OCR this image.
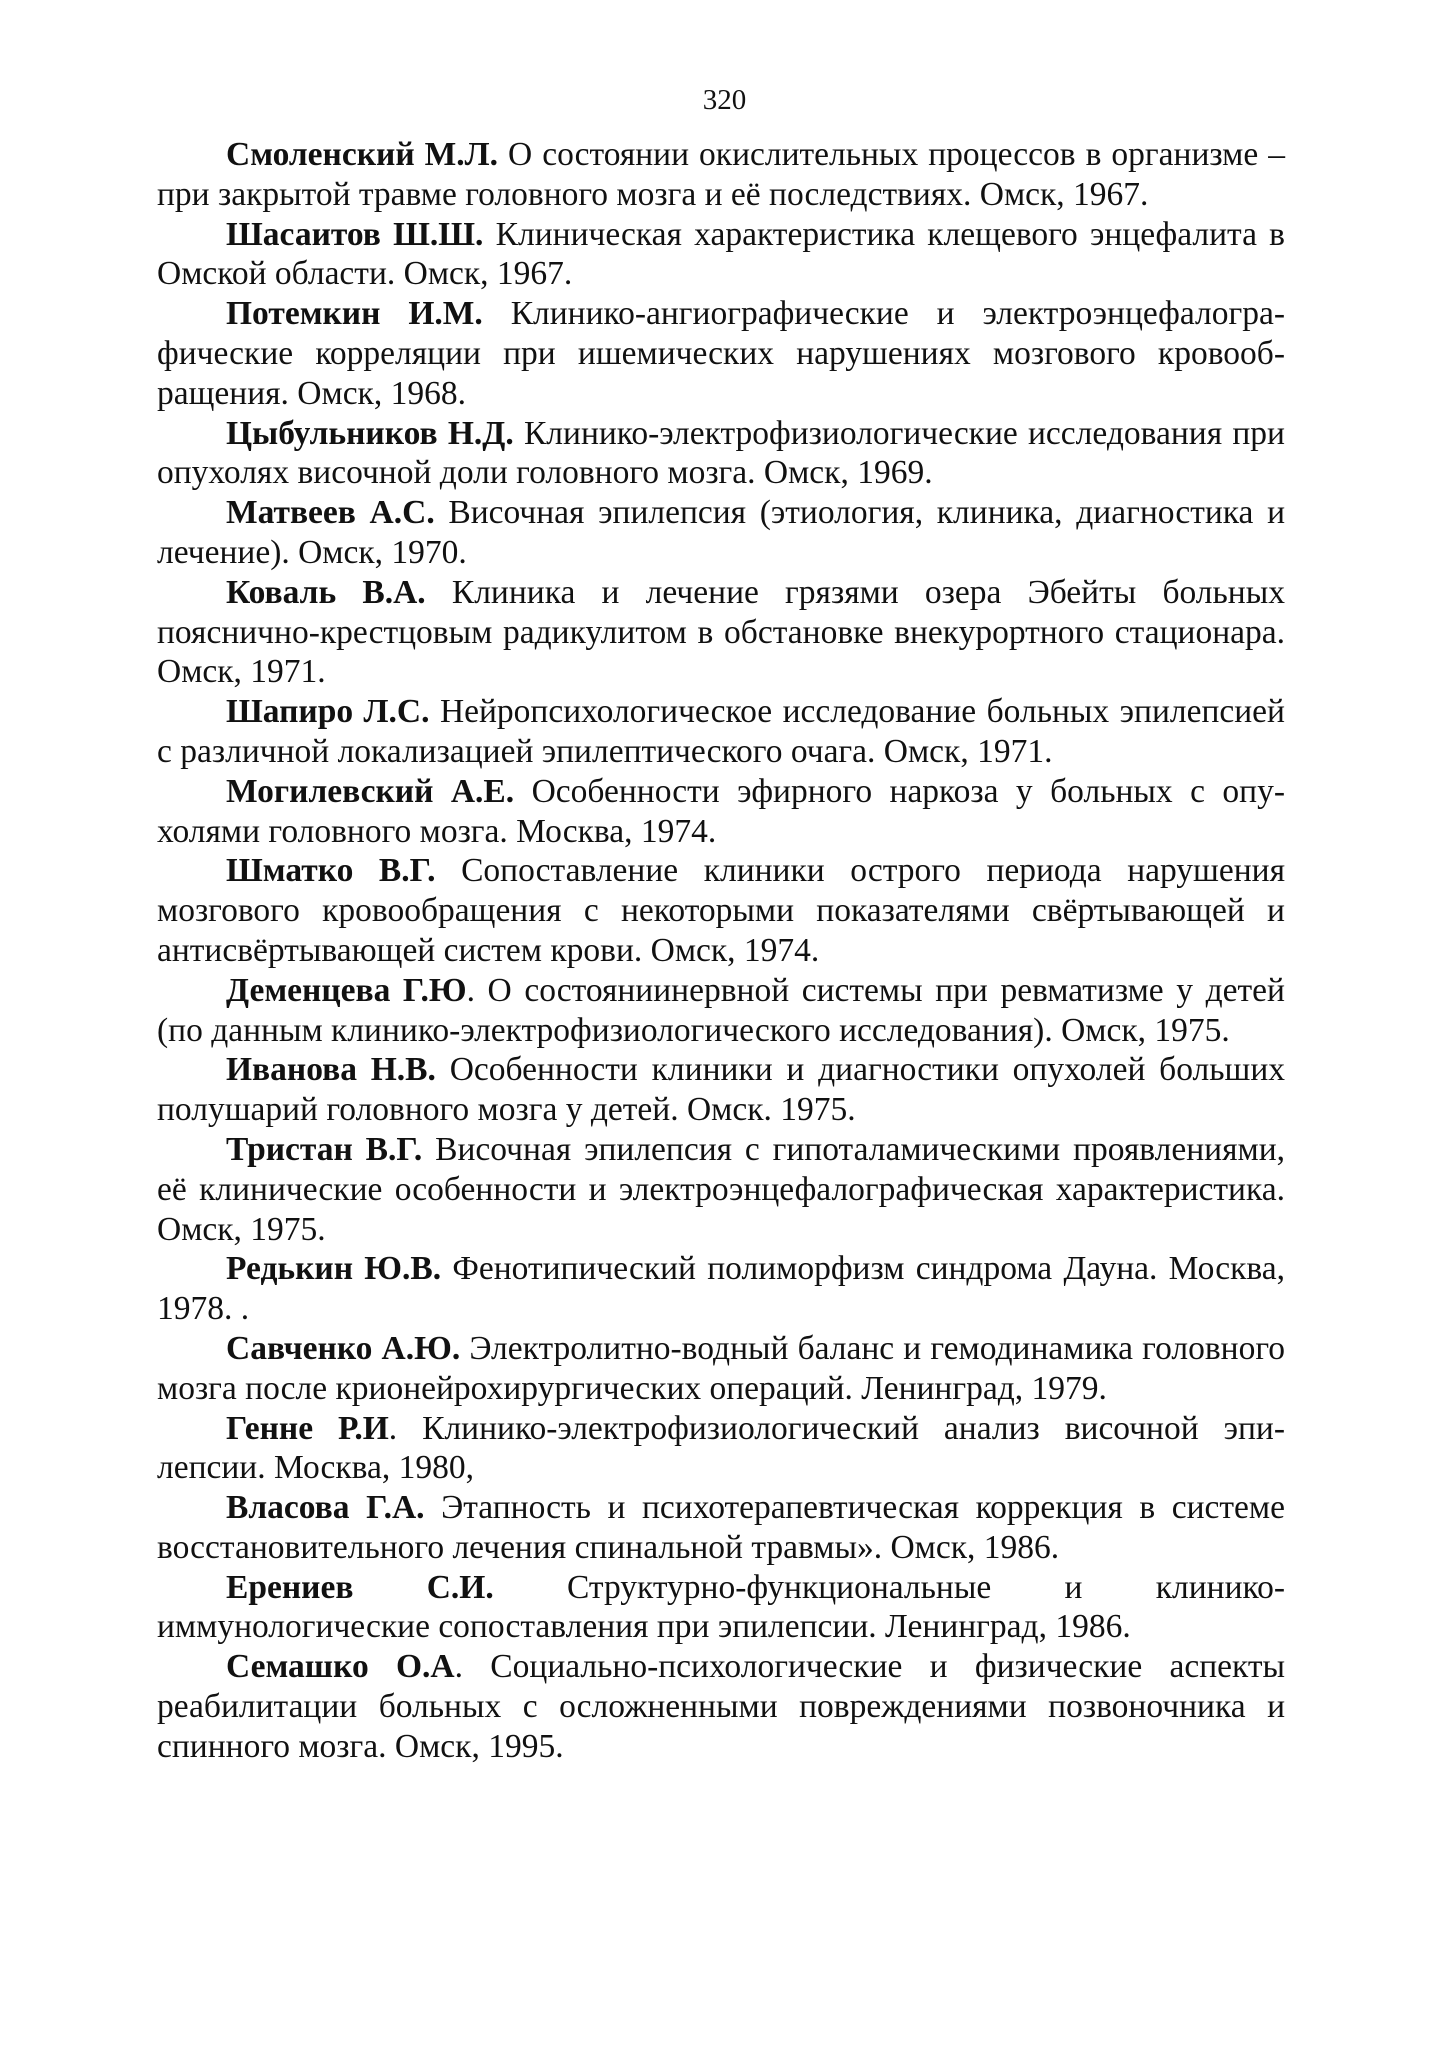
320

Смоленский М.Л. О состоянии окислительных процессов в организме – при закрытой травме головного мозга и её последствиях. Омск, 1967.

Шасаитов Ш.Ш. Клиническая характеристика клещевого энцефалита в Омской области. Омск, 1967.

Потемкин И.М. Клинико-ангиографические и электроэнцефалографические корреляции при ишемических нарушениях мозгового кровообращения. Омск, 1968.

Цыбульников Н.Д. Клинико-электрофизиологические исследования при опухолях височной доли головного мозга. Омск, 1969.

Матвеев А.С. Височная эпилепсия (этиология, клиника, диагностика и лечение). Омск, 1970.

Коваль В.А. Клиника и лечение грязями озера Эбейты больных пояснично-крестцовым радикулитом в обстановке внекурортного стационара. Омск, 1971.

Шапиро Л.С. Нейропсихологическое исследование больных эпилепсией с различной локализацией эпилептического очага. Омск, 1971.

Могилевский А.Е. Особенности эфирного наркоза у больных с опухолями головного мозга. Москва, 1974.

Шматко В.Г. Сопоставление клиники острого периода нарушения мозгового кровообращения с некоторыми показателями свёртывающей и антисвёртывающей систем крови. Омск, 1974.

Деменцева Г.Ю. О состояниинервной системы при ревматизме у детей (по данным клинико-электрофизиологического исследования). Омск, 1975.

Иванова Н.В. Особенности клиники и диагностики опухолей больших полушарий головного мозга у детей. Омск. 1975.

Тристан В.Г. Височная эпилепсия с гипоталамическими проявлениями, её клинические особенности и электроэнцефалографическая характеристика. Омск, 1975.

Редькин Ю.В. Фенотипический полиморфизм синдрома Дауна. Москва, 1978. .

Савченко А.Ю. Электролитно-водный баланс и гемодинамика головного мозга после крионейрохирургических операций. Ленинград, 1979.

Генне Р.И. Клинико-электрофизиологический анализ височной эпилепсии. Москва, 1980,

Власова Г.А. Этапность и психотерапевтическая коррекция в системе восстановительного лечения спинальной травмы». Омск, 1986.

Ерениев С.И. Структурно-функциональные и клинико-иммунологические сопоставления при эпилепсии. Ленинград, 1986.

Семашко О.А. Социально-психологические и физические аспекты реабилитации больных с осложненными повреждениями позвоночника и спинного мозга. Омск, 1995.
